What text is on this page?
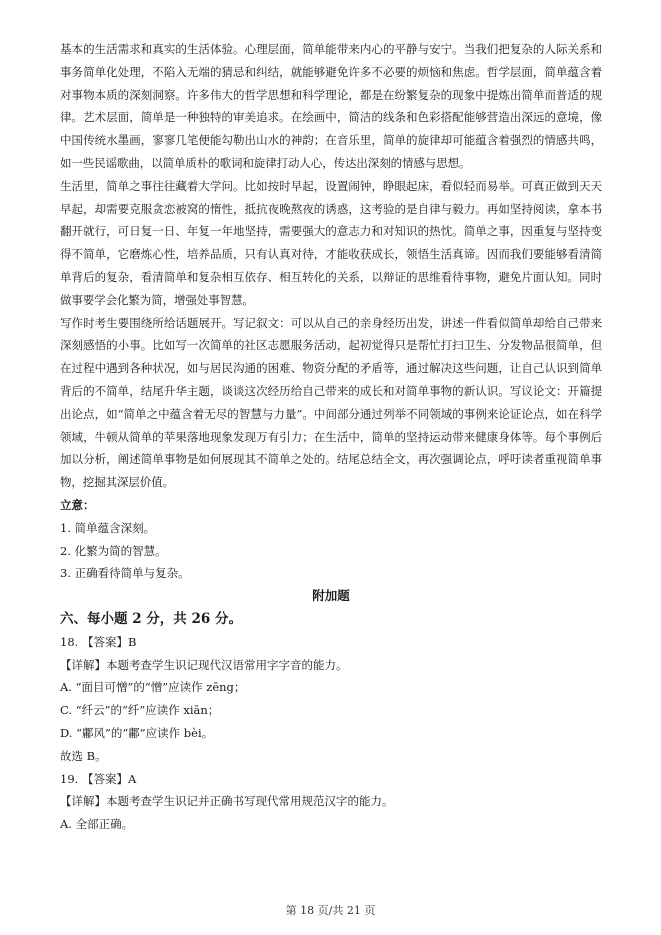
基本的生活需求和真实的生活体验。心理层面，简单能带来内心的平静与安宁。当我们把复杂的人际关系和事务简单化处理，不陷入无端的猜忌和纠结，就能够避免许多不必要的烦恼和焦虑。哲学层面，简单蕴含着对事物本质的深刻洞察。许多伟大的哲学思想和科学理论，都是在纷繁复杂的现象中提炼出简单而普适的规律。艺术层面，简单是一种独特的审美追求。在绘画中，简洁的线条和色彩搭配能够营造出深远的意境，像中国传统水墨画，寥寥几笔便能勾勒出山水的神韵；在音乐里，简单的旋律却可能蕴含着强烈的情感共鸣，如一些民谣歌曲，以简单质朴的歌词和旋律打动人心，传达出深刻的情感与思想。

生活里，简单之事往往藏着大学问。比如按时早起，设置闹钟，睁眼起床，看似轻而易举。可真正做到天天早起，却需要克服贪恋被窝的惰性，抵抗夜晚熬夜的诱惑，这考验的是自律与毅力。再如坚持阅读，拿本书翻开就行，可日复一日、年复一年地坚持，需要强大的意志力和对知识的热忱。简单之事，因重复与坚持变得不简单，它磨炼心性，培养品质，只有认真对待，才能收获成长，领悟生活真谛。因而我们要能够看清简单背后的复杂，看清简单和复杂相互依存、相互转化的关系，以辩证的思维看待事物，避免片面认知。同时做事要学会化繁为简，增强处事智慧。

写作时考生要围绕所给话题展开。写记叙文：可以从自己的亲身经历出发，讲述一件看似简单却给自己带来深刻感悟的小事。比如写一次简单的社区志愿服务活动，起初觉得只是帮忙打扫卫生、分发物品很简单，但在过程中遇到各种状况，如与居民沟通的困难、物资分配的矛盾等，通过解决这些问题，让自己认识到简单背后的不简单，结尾升华主题，谈谈这次经历给自己带来的成长和对简单事物的新认识。写议论文：开篇提出论点，如“简单之中蕴含着无尽的智慧与力量”。中间部分通过列举不同领域的事例来论证论点，如在科学领域，牛顿从简单的苹果落地现象发现万有引力；在生活中，简单的坚持运动带来健康身体等。每个事例后加以分析，阐述简单事物是如何展现其不简单之处的。结尾总结全文，再次强调论点，呼吁读者重视简单事物，挖掘其深层价值。

立意：

1. 简单蕴含深刻。

2. 化繁为简的智慧。

3. 正确看待简单与复杂。

附加题

六、每小题 2 分，共 26 分。

18. 【答案】B

【详解】本题考查学生识记现代汉语常用字字音的能力。

A. “面目可憎”的“憎”应读作 zēng；

C. “纤云”的“纤”应读作 xiān；

D. “鄘风”的“鄘”应读作 bèi。

故选 B。

19. 【答案】A

【详解】本题考查学生识记并正确书写现代常用规范汉字的能力。

A. 全部正确。

第 18 页/共 21 页
